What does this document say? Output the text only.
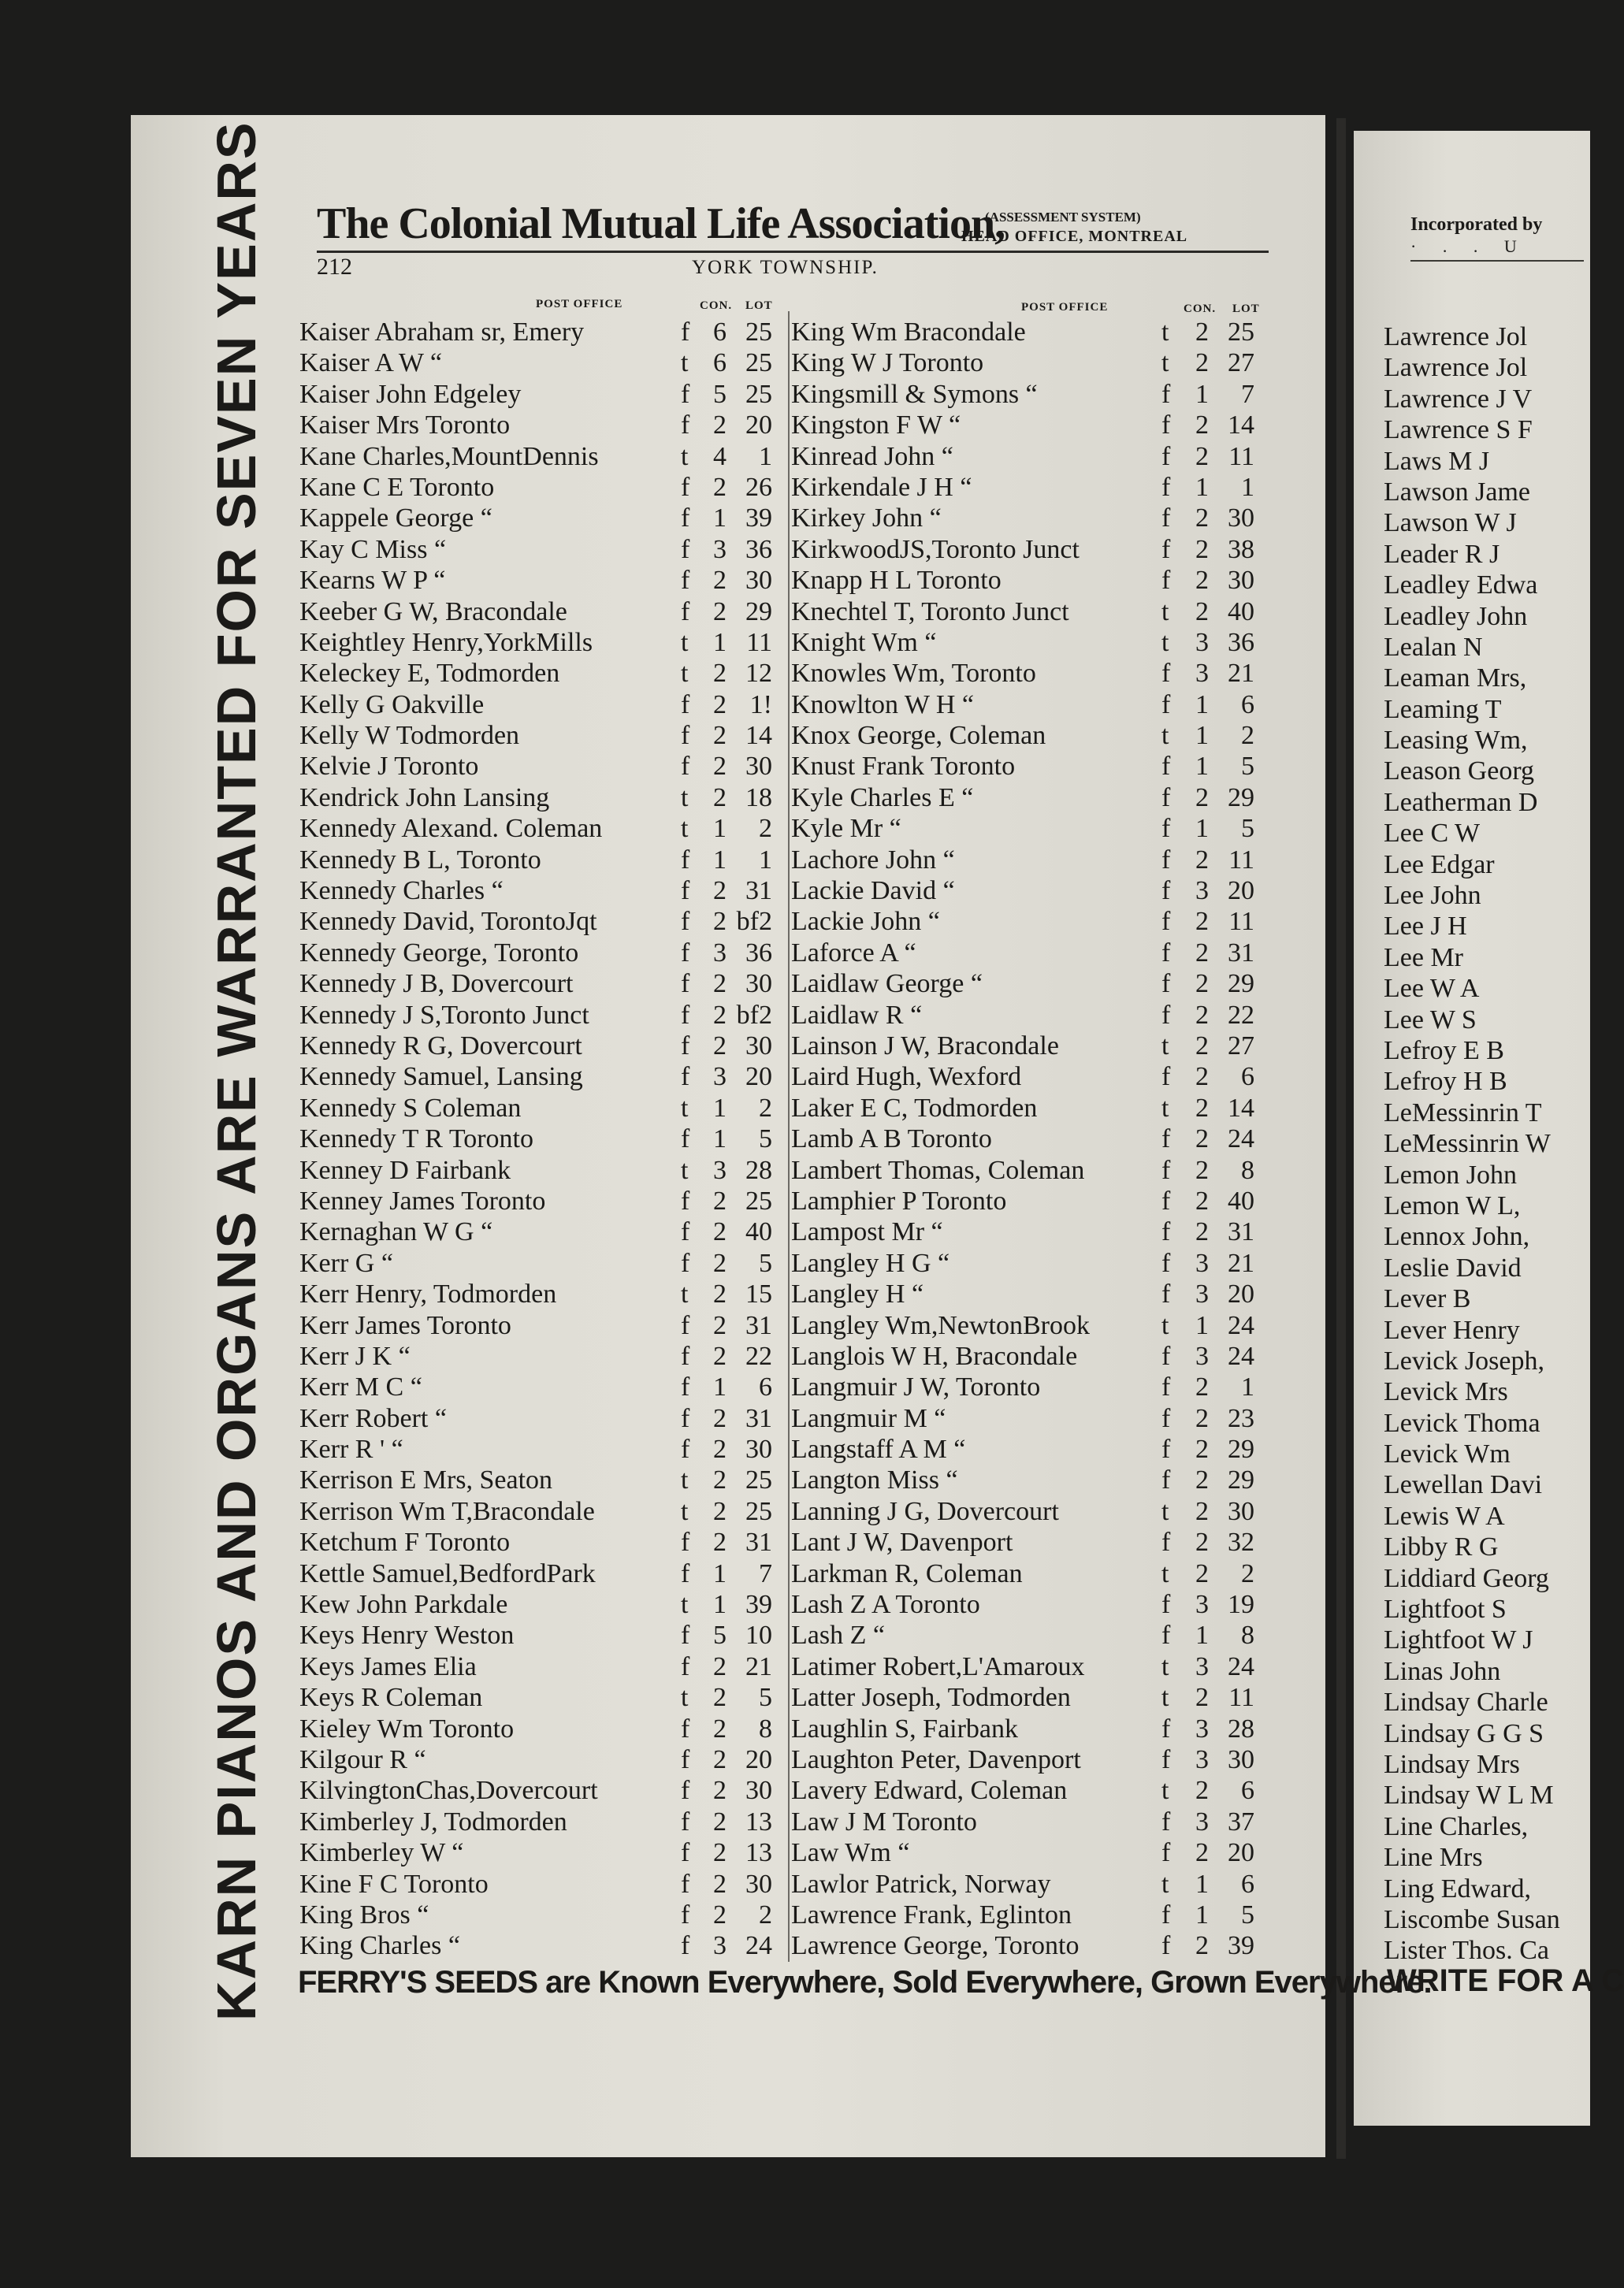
KARN PIANOS AND ORGANS ARE WARRANTED FOR SEVEN YEARS The Colonial Mutual Life Association,
(ASSESSMENT SYSTEM)
HEAD OFFICE, MONTREAL
212	YORK TOWNSHIP.
POST OFFICE	CON. LOT	POST OFFICE	CON. LOT
Kaiser Abraham sr, Emery	f 6 25
Kaiser A W “	t 6 25
Kaiser John Edgeley	f 5 25
Kaiser Mrs Toronto	f 2 20
Kane Charles,MountDennis	t 4	1
Kane C E Toronto	f 2 26
Kappele George “	f 1 39
Kay C Miss “	f 3 36
Kearns W P “	f 2 30
Keeber G W, Bracondale	f 2 29
Keightley Henry,YorkMills	t 1 11
Keleckey E, Todmorden	t 2 12
Kelly G Oakville	f 2 1!
Kelly W Todmorden	f 2 14
Kelvie J Toronto	f 2 30
Kendrick John Lansing	t 2 18
Kennedy Alexand. Coleman	t 1	2
Kennedy B L, Toronto	f 1	1
Kennedy Charles “	f 2 31
Kennedy David, TorontoJqt	f 2 bf2
Kennedy George, Toronto	f 3 36
Kennedy J B, Dovercourt	f 2 30
Kennedy J S,Toronto Junct	f 2 bf2
Kennedy R G, Dovercourt	f 2 30
Kennedy Samuel, Lansing	f 3 20
Kennedy S Coleman	t 1	2
Kennedy T R Toronto	f 1	5
Kenney D Fairbank	t 3 28
Kenney James Toronto	f 2 25
Kernaghan W G “	f 2 40
Kerr G “	f 2	5
Kerr Henry, Todmorden	t 2 15
Kerr James Toronto	f 2 31
Kerr J K “	f 2 22
Kerr M C “	f 1	6
Kerr Robert “	f 2 31
Kerr R ' “	f 2 30
Kerrison E Mrs, Seaton	t 2 25
Kerrison Wm T,Bracondale	t 2 25
Ketchum F Toronto	f 2 31
Kettle Samuel,BedfordPark	f 1	7
Kew John Parkdale	t 1 39
Keys Henry Weston	f 5 10
Keys James Elia	f 2 21
Keys R Coleman	t 2	5
Kieley Wm Toronto	f 2	8
Kilgour R “	f 2 20
KilvingtonChas,Dovercourt	f 2 30
Kimberley J, Todmorden	f 2 13
Kimberley W “	f 2 13
Kine F C Toronto	f 2 30
King Bros “	f 2	2
King Charles “	f 3 24
King Wm Bracondale	t 2 25
King W J Toronto	t 2 27
Kingsmill & Symons “	f 1	7
Kingston F W “	f 2 14
Kinread John “	f 2 11
Kirkendale J H “	f 1	1
Kirkey John “	f 2 30
KirkwoodJS,Toronto Junct	f 2 38
Knapp H L Toronto	f 2 30
Knechtel T, Toronto Junct	t 2 40
Knight Wm “	t 3 36
Knowles Wm, Toronto	f 3 21
Knowlton W H “	f 1	6
Knox George, Coleman	t 1	2
Knust Frank Toronto	f 1	5
Kyle Charles E “	f 2 29
Kyle Mr “	f 1	5
Lachore John “	f 2 11
Lackie David “	f 3 20
Lackie John “	f 2 11
Laforce A “	f 2 31
Laidlaw George “	f 2 29
Laidlaw R “	f 2 22
Lainson J W, Bracondale	t 2 27
Laird Hugh, Wexford	f 2	6
Laker E C, Todmorden	t 2 14
Lamb A B Toronto	f 2 24
Lambert Thomas, Coleman	f 2	8
Lamphier P Toronto	f 2 40
Lampost Mr “	f 2 31
Langley H G “	f 3 21
Langley H “	f 3 20
Langley Wm,NewtonBrook	t 1 24
Langlois W H, Bracondale	f 3 24
Langmuir J W, Toronto	f 2	1
Langmuir M “	f 2 23
Langstaff A M “	f 2 29
Langton Miss “	f 2 29
Lanning J G, Dovercourt	t 2 30
Lant J W, Davenport	f 2 32
Larkman R, Coleman	t 2	2
Lash Z A Toronto	f 3 19
Lash Z “	f 1	8
Latimer Robert,L'Amaroux	t 3 24
Latter Joseph, Todmorden	t 2 11
Laughlin S, Fairbank	f 3 28
Laughton Peter, Davenport	f 3 30
Lavery Edward, Coleman	t 2	6
Law J M Toronto	f 3 37
Law Wm “	f 2 20
Lawlor Patrick, Norway	t 1	6
Lawrence Frank, Eglinton	f 1	5
Lawrence George, Toronto	f 2 39
FERRY'S SEEDS are Known Everywhere, Sold Everywhere, Grown Everywhere.
Incorporated by
· . . U
Lawrence Jol
Lawrence Jol
Lawrence J V
Lawrence S F
Laws M J
Lawson Jame
Lawson W J
Leader R J
Leadley Edwa
Leadley John
Lealan N
Leaman Mrs,
Leaming T
Leasing Wm,
Leason Georg
Leatherman D
Lee C W
Lee Edgar
Lee John
Lee J H
Lee Mr
Lee W A
Lee W S
Lefroy E B
Lefroy H B
LeMessinrin T
LeMessinrin W
Lemon John
Lemon W L,
Lennox John,
Leslie David
Lever B
Lever Henry
Levick Joseph,
Levick Mrs
Levick Thoma
Levick Wm
Lewellan Davi
Lewis W A
Libby R G
Liddiard Georg
Lightfoot S
Lightfoot W J
Linas John
Lindsay Charle
Lindsay G G S
Lindsay Mrs
Lindsay W L M
Line Charles,
Line Mrs
Ling Edward,
Liscombe Susan
Lister Thos. Ca
WRITE FOR A C
